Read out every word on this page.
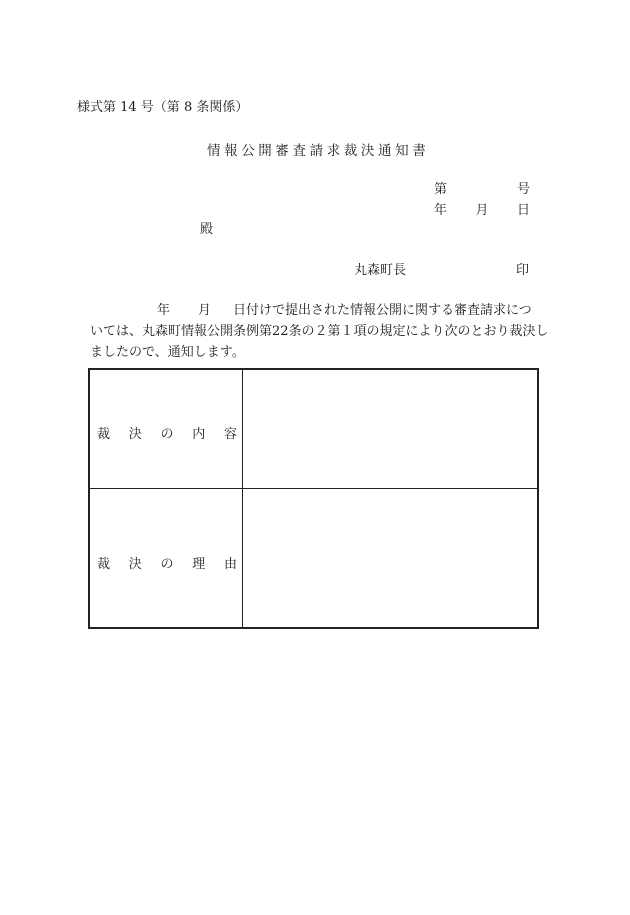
様式第 14 号（第 8 条関係）
情報公開審査請求裁決通知書
第	号
年 月 日
殿
丸森町長	印
年 月 日付けで提出された情報公開に関する審査請求につ
いては、丸森町情報公開条例第22条の２第１項の規定により次のとおり裁決し
ましたので、通知します。
裁 決 の 内 容
裁 決 の 理 由
